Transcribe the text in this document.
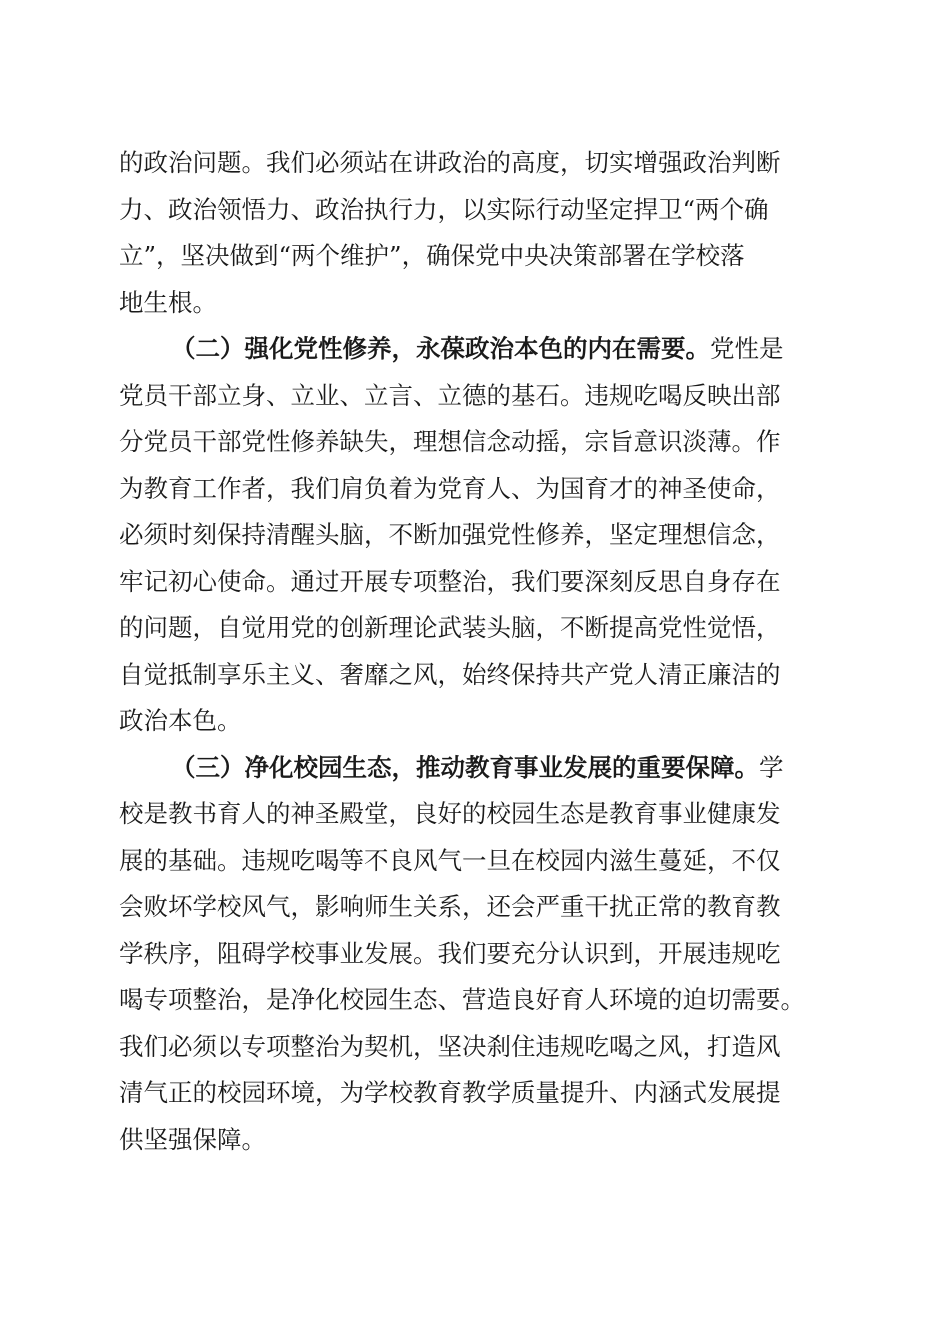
的政治问题。我们必须站在讲政治的高度，切实增强政治判断
力、政治领悟力、政治执行力，以实际行动坚定捍卫“两个确
立”，坚决做到“两个维护”，确保党中央决策部署在学校落
地生根。
（二）强化党性修养，永葆政治本色的内在需要。党性是
党员干部立身、立业、立言、立德的基石。违规吃喝反映出部
分党员干部党性修养缺失，理想信念动摇，宗旨意识淡薄。作
为教育工作者，我们肩负着为党育人、为国育才的神圣使命，
必须时刻保持清醒头脑，不断加强党性修养，坚定理想信念，
牢记初心使命。通过开展专项整治，我们要深刻反思自身存在
的问题，自觉用党的创新理论武装头脑，不断提高党性觉悟，
自觉抵制享乐主义、奢靡之风，始终保持共产党人清正廉洁的
政治本色。
（三）净化校园生态，推动教育事业发展的重要保障。学
校是教书育人的神圣殿堂，良好的校园生态是教育事业健康发
展的基础。违规吃喝等不良风气一旦在校园内滋生蔓延，不仅
会败坏学校风气，影响师生关系，还会严重干扰正常的教育教
学秩序，阻碍学校事业发展。我们要充分认识到，开展违规吃
喝专项整治，是净化校园生态、营造良好育人环境的迫切需要。
我们必须以专项整治为契机，坚决刹住违规吃喝之风，打造风
清气正的校园环境，为学校教育教学质量提升、内涵式发展提
供坚强保障。
